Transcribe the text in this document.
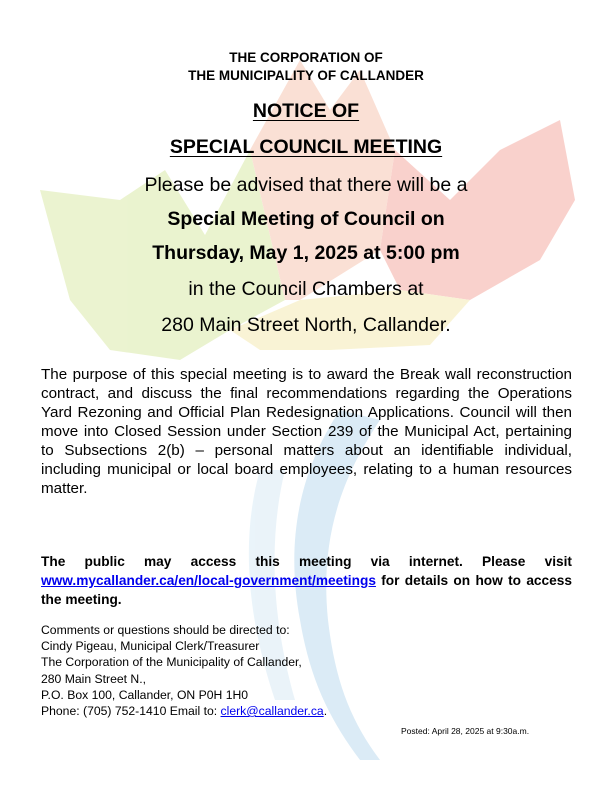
THE CORPORATION OF
THE MUNICIPALITY OF CALLANDER
NOTICE OF
SPECIAL COUNCIL MEETING
Please be advised that there will be a
Special Meeting of Council on
Thursday, May 1, 2025 at 5:00 pm
in the Council Chambers at
280 Main Street North, Callander.

The purpose of this special meeting is to award the Break wall reconstruction contract, and discuss the final recommendations regarding the Operations Yard Rezoning and Official Plan Redesignation Applications. Council will then move into Closed Session under Section 239 of the Municipal Act, pertaining to Subsections 2(b) – personal matters about an identifiable individual, including municipal or local board employees, relating to a human resources matter.

The public may access this meeting via internet. Please visit www.mycallander.ca/en/local-government/meetings for details on how to access the meeting.

Comments or questions should be directed to:
Cindy Pigeau, Municipal Clerk/Treasurer
The Corporation of the Municipality of Callander,
280 Main Street N.,
P.O. Box 100, Callander, ON P0H 1H0
Phone: (705) 752-1410 Email to: clerk@callander.ca.
Posted: April 28, 2025 at 9:30a.m.
